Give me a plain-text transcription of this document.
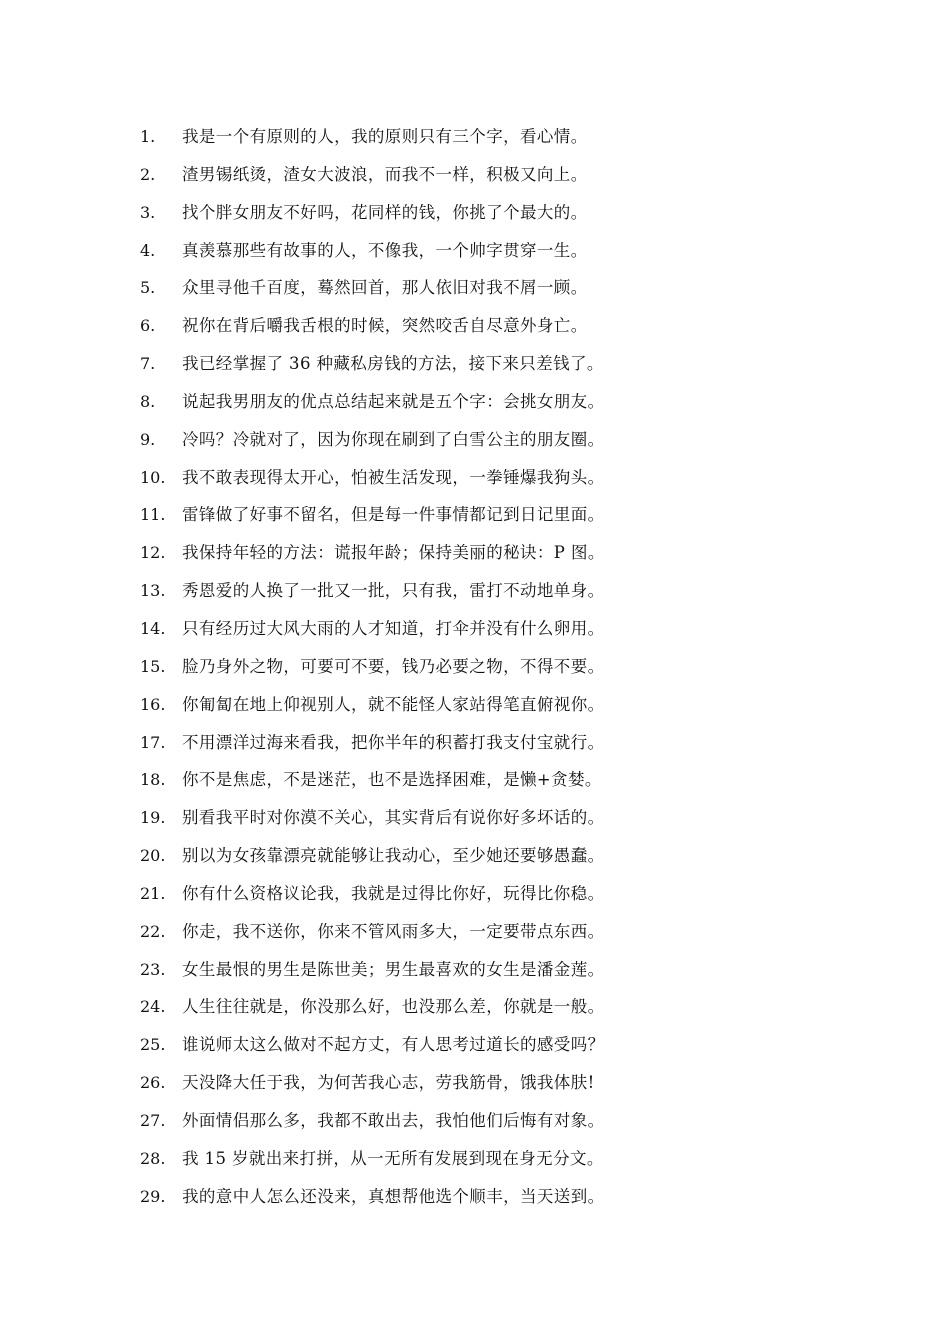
1.	我是一个有原则的人，我的原则只有三个字，看心情。
2.	渣男锡纸烫，渣女大波浪，而我不一样，积极又向上。
3.	找个胖女朋友不好吗，花同样的钱，你挑了个最大的。
4.	真羡慕那些有故事的人，不像我，一个帅字贯穿一生。
5.	众里寻他千百度，蓦然回首，那人依旧对我不屑一顾。
6.	祝你在背后嚼我舌根的时候，突然咬舌自尽意外身亡。
7.	我已经掌握了 36 种藏私房钱的方法，接下来只差钱了。
8.	说起我男朋友的优点总结起来就是五个字：会挑女朋友。
9.	冷吗？冷就对了，因为你现在刷到了白雪公主的朋友圈。
10.	我不敢表现得太开心，怕被生活发现，一拳锤爆我狗头。
11.	雷锋做了好事不留名，但是每一件事情都记到日记里面。
12.	我保持年轻的方法：谎报年龄；保持美丽的秘诀：P 图。
13.	秀恩爱的人换了一批又一批，只有我，雷打不动地单身。
14.	只有经历过大风大雨的人才知道，打伞并没有什么卵用。
15.	脸乃身外之物，可要可不要，钱乃必要之物，不得不要。
16.	你匍匐在地上仰视别人，就不能怪人家站得笔直俯视你。
17.	不用漂洋过海来看我，把你半年的积蓄打我支付宝就行。
18.	你不是焦虑，不是迷茫，也不是选择困难，是懒+贪婪。
19.	别看我平时对你漠不关心，其实背后有说你好多坏话的。
20.	别以为女孩靠漂亮就能够让我动心，至少她还要够愚蠢。
21.	你有什么资格议论我，我就是过得比你好，玩得比你稳。
22.	你走，我不送你，你来不管风雨多大，一定要带点东西。
23.	女生最恨的男生是陈世美；男生最喜欢的女生是潘金莲。
24.	人生往往就是，你没那么好，也没那么差，你就是一般。
25.	谁说师太这么做对不起方丈，有人思考过道长的感受吗？
26.	天没降大任于我，为何苦我心志，劳我筋骨，饿我体肤!
27.	外面情侣那么多，我都不敢出去，我怕他们后悔有对象。
28.	我 15 岁就出来打拼，从一无所有发展到现在身无分文。
29.	我的意中人怎么还没来，真想帮他选个顺丰，当天送到。
